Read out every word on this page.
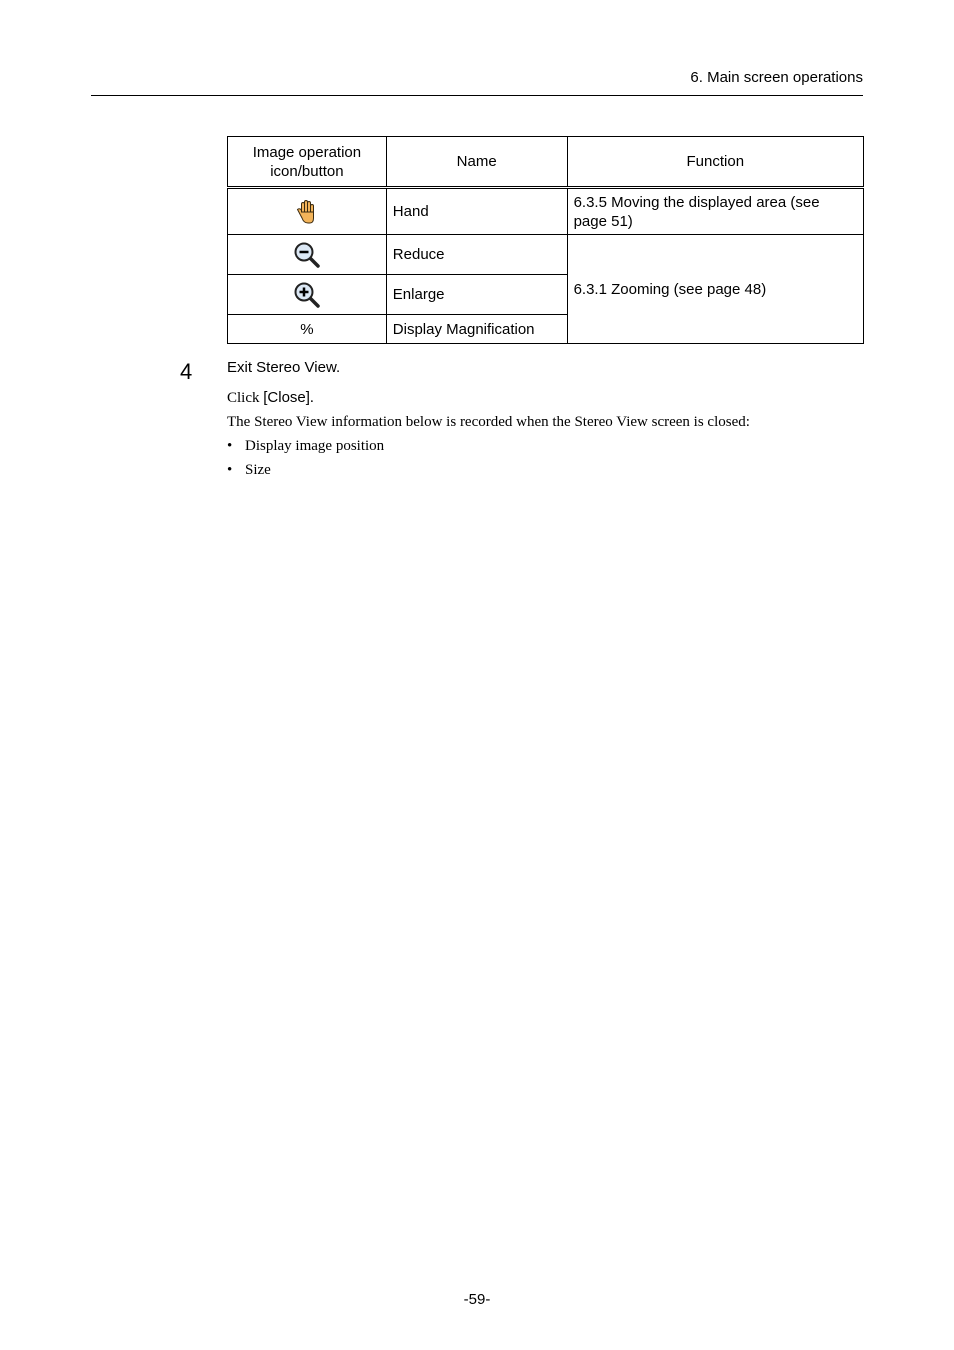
6. Main screen operations
Image operation icon/button	Name	Function
	Hand	6.3.5 Moving the displayed area (see page 51)
	Reduce	6.3.1 Zooming (see page 48)
	Enlarge	
%	Display Magnification	
4 Exit Stereo View.
Click [Close].
The Stereo View information below is recorded when the Stereo View screen is closed:
• Display image position
• Size
-59-
